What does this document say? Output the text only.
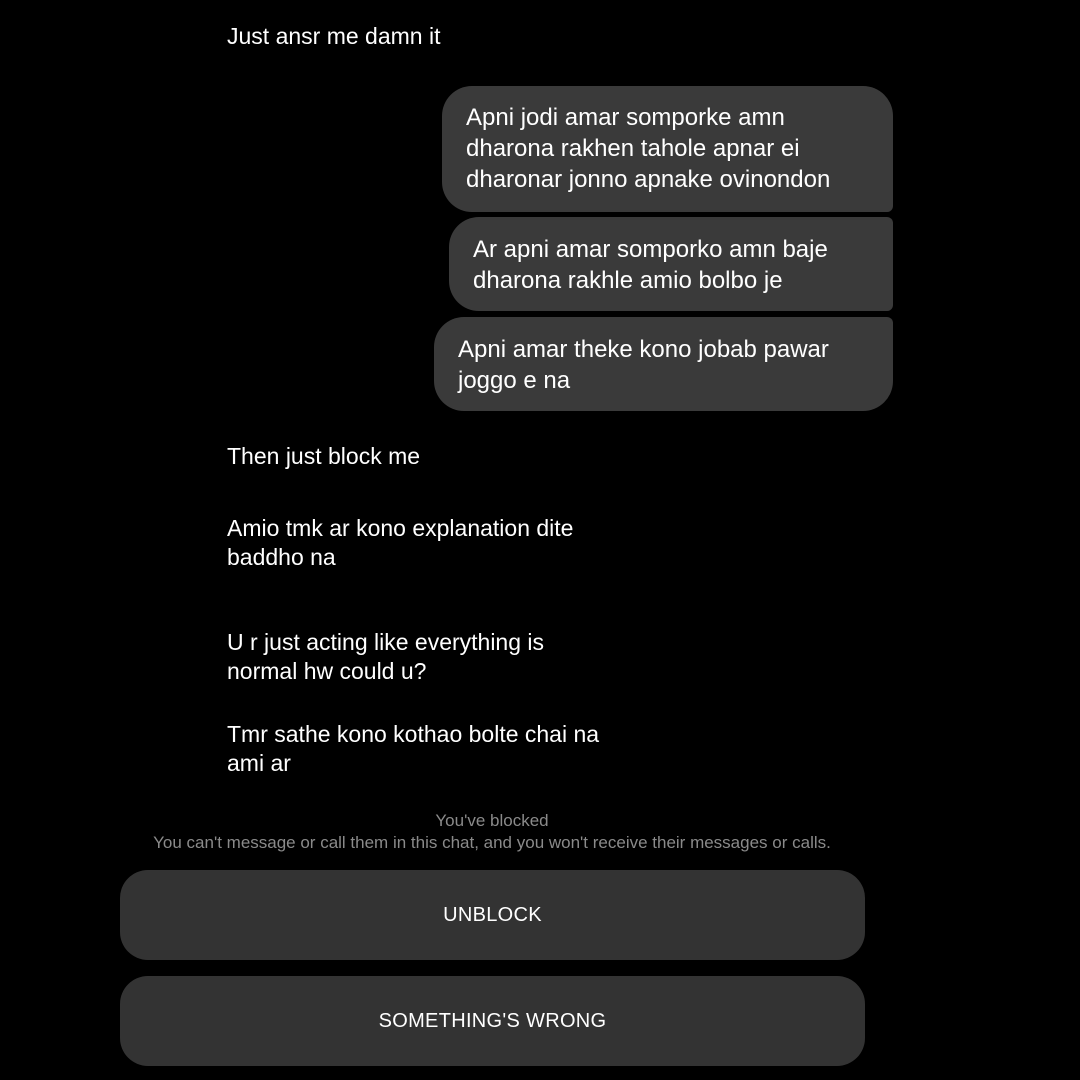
Just ansr me damn it
Apni jodi amar somporke amn
dharona rakhen tahole apnar ei
dharonar jonno apnake ovinondon
Ar apni amar somporko amn baje
dharona rakhle amio bolbo je
Apni amar theke kono jobab pawar
joggo e na
Then just block me
Amio tmk ar kono explanation dite
baddho na
U r just acting like everything is
normal hw could u?
Tmr sathe kono kothao bolte chai na
ami ar
You've blocked
You can't message or call them in this chat, and you won't receive their messages or calls.
UNBLOCK
SOMETHING'S WRONG
